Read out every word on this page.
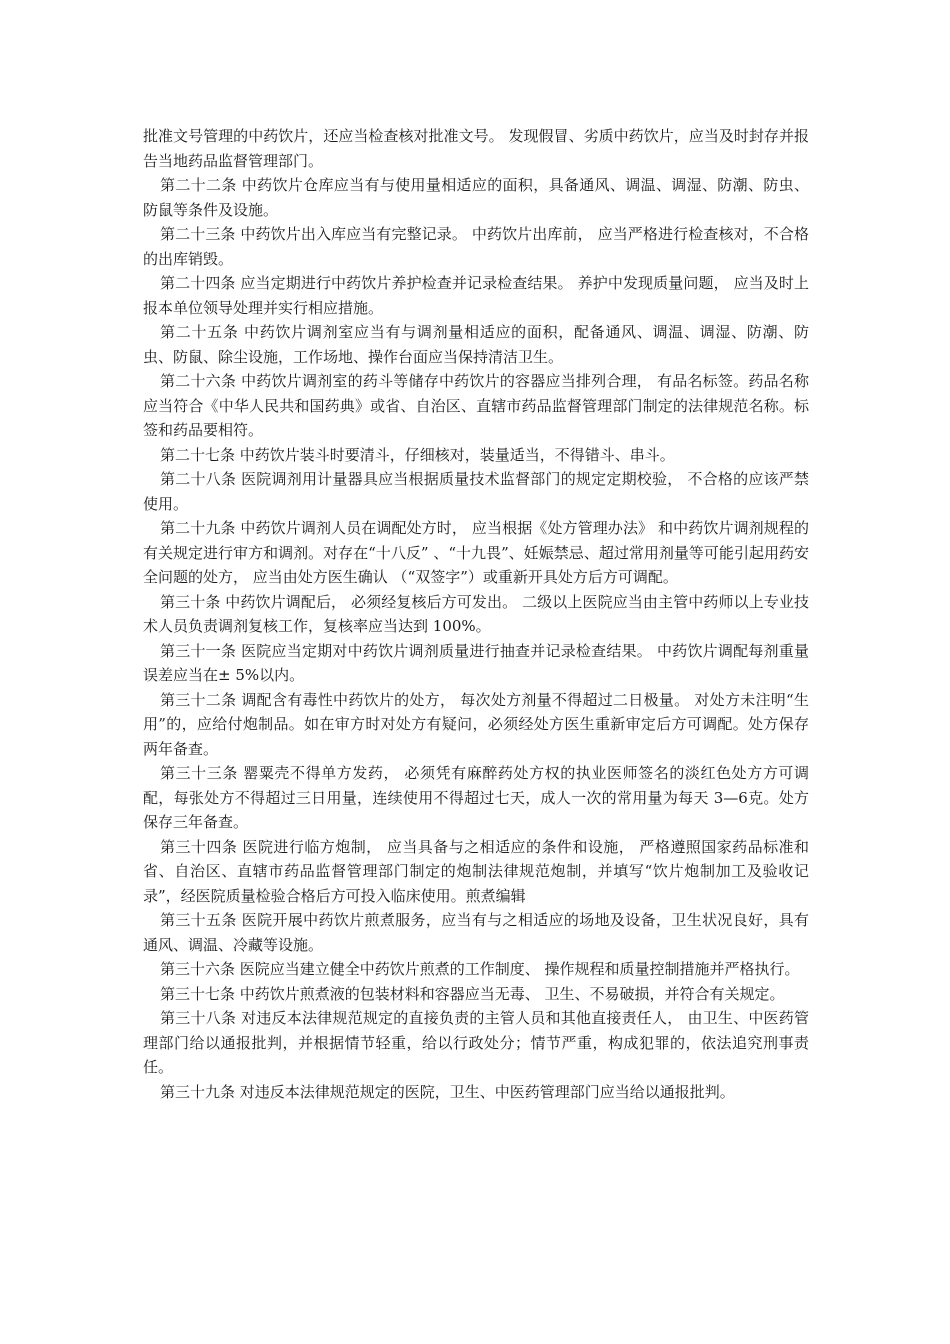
批准文号管理的中药饮片，还应当检查核对批准文号。 发现假冒、劣质中药饮片，应当及时封存并报告当地药品监督管理部门。

第二十二条 中药饮片仓库应当有与使用量相适应的面积，具备通风、调温、调湿、防潮、防虫、防鼠等条件及设施。

第二十三条 中药饮片出入库应当有完整记录。 中药饮片出库前， 应当严格进行检查核对，不合格的出库销毁。

第二十四条 应当定期进行中药饮片养护检查并记录检查结果。 养护中发现质量问题， 应当及时上报本单位领导处理并实行相应措施。

第二十五条 中药饮片调剂室应当有与调剂量相适应的面积，配备通风、调温、调湿、防潮、防虫、防鼠、除尘设施，工作场地、操作台面应当保持清洁卫生。

第二十六条 中药饮片调剂室的药斗等储存中药饮片的容器应当排列合理， 有品名标签。药品名称应当符合《中华人民共和国药典》或省、自治区、直辖市药品监督管理部门制定的法律规范名称。标签和药品要相符。

第二十七条 中药饮片装斗时要清斗，仔细核对，装量适当，不得错斗、串斗。

第二十八条 医院调剂用计量器具应当根据质量技术监督部门的规定定期校验， 不合格的应该严禁使用。

第二十九条 中药饮片调剂人员在调配处方时， 应当根据《处方管理办法》 和中药饮片调剂规程的有关规定进行审方和调剂。对存在“十八反” 、“十九畏”、妊娠禁忌、超过常用剂量等可能引起用药安全问题的处方， 应当由处方医生确认 （“双签字”）或重新开具处方后方可调配。

第三十条 中药饮片调配后， 必须经复核后方可发出。 二级以上医院应当由主管中药师以上专业技术人员负责调剂复核工作，复核率应当达到 100%。

第三十一条 医院应当定期对中药饮片调剂质量进行抽查并记录检查结果。 中药饮片调配每剂重量误差应当在± 5%以内。

第三十二条 调配含有毒性中药饮片的处方， 每次处方剂量不得超过二日极量。 对处方未注明“生用”的，应给付炮制品。如在审方时对处方有疑问，必须经处方医生重新审定后方可调配。处方保存两年备查。

第三十三条 罂粟壳不得单方发药， 必须凭有麻醉药处方权的执业医师签名的淡红色处方方可调配，每张处方不得超过三日用量，连续使用不得超过七天，成人一次的常用量为每天 3—6克。处方保存三年备查。

第三十四条 医院进行临方炮制， 应当具备与之相适应的条件和设施， 严格遵照国家药品标准和省、自治区、直辖市药品监督管理部门制定的炮制法律规范炮制，并填写“饮片炮制加工及验收记录”，经医院质量检验合格后方可投入临床使用。煎煮编辑

第三十五条 医院开展中药饮片煎煮服务，应当有与之相适应的场地及设备，卫生状况良好，具有通风、调温、冷藏等设施。

第三十六条 医院应当建立健全中药饮片煎煮的工作制度、 操作规程和质量控制措施并严格执行。

第三十七条 中药饮片煎煮液的包装材料和容器应当无毒、 卫生、不易破损，并符合有关规定。

第三十八条 对违反本法律规范规定的直接负责的主管人员和其他直接责任人， 由卫生、中医药管理部门给以通报批判，并根据情节轻重，给以行政处分；情节严重，构成犯罪的，依法追究刑事责任。

第三十九条 对违反本法律规范规定的医院，卫生、中医药管理部门应当给以通报批判。
